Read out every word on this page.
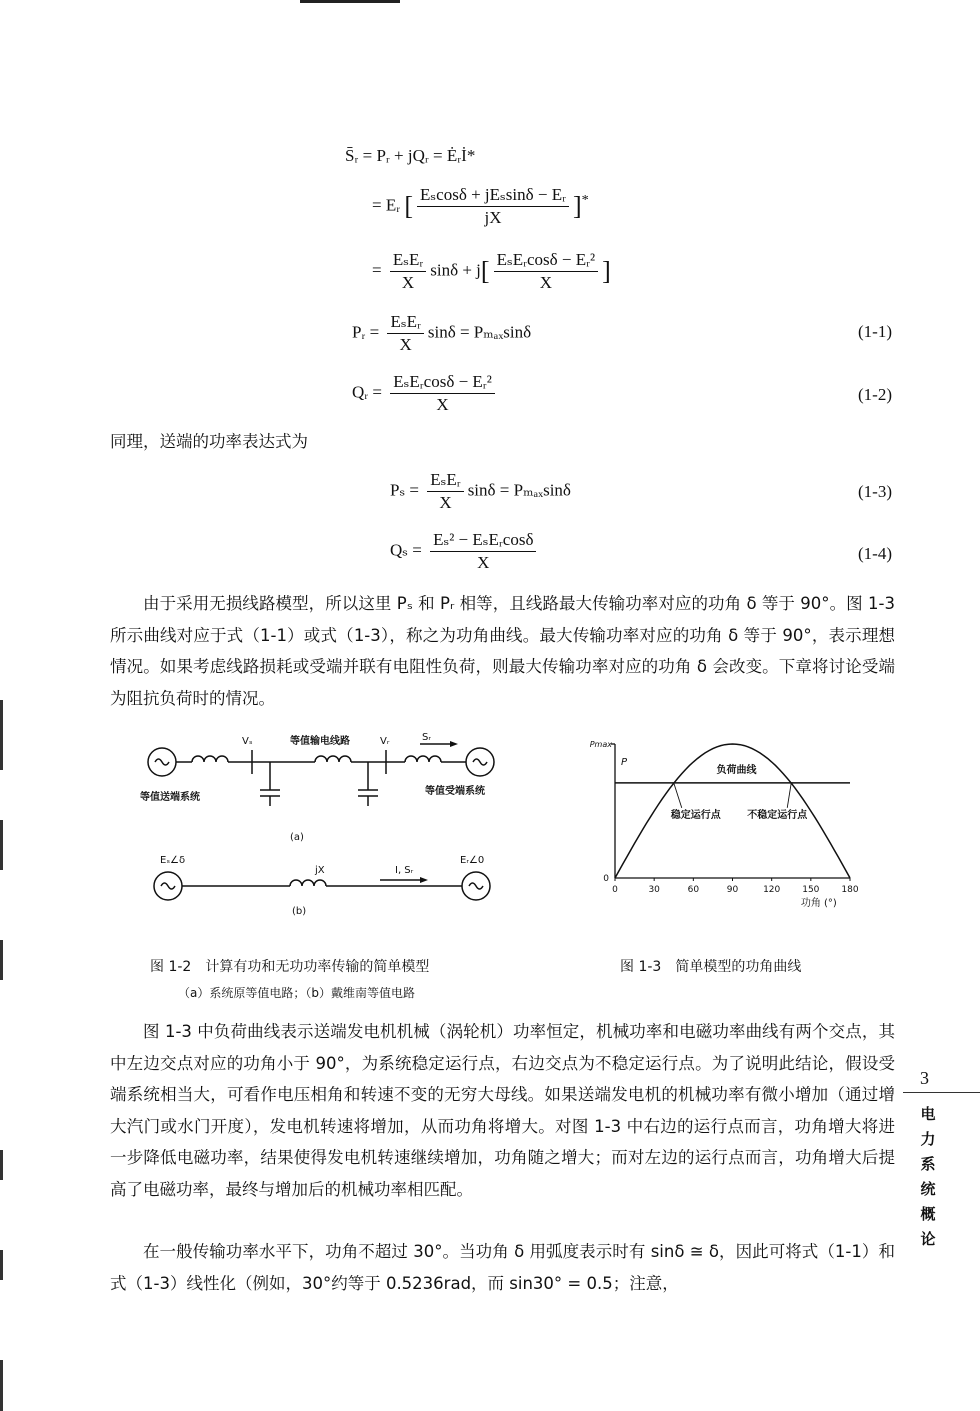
S̄ᵣ = Pᵣ + jQᵣ = Ėᵣİ*
= Eᵣ [ $\frac{\text{Eₛcosδ + jEₛsinδ − Eᵣ}}{jX} ]^*$
= $\frac{\text{EₛEᵣ}}{X}$ $\sin\delta + j[ \frac{\text{EₛEᵣcosδ − Eᵣ²}}{X}$ ]
Pᵣ = $\frac{\text{EₛEᵣ}}{X}$ sinδ = Pₘₐₓsinδ	(1-1)
Qᵣ = $\frac{\text{EₛEᵣcosδ − Eᵣ²}}{X}$	(1-2)
同理，送端的功率表达式为
$P_s = \frac{\text{EₛEᵣ}}{X}$ sinδ = Pₘₐₓsinδ	(1-3)
$Q_s = \frac{\text{Eₛ² − EₛEᵣcosδ}}{X}$	(1-4)
由于采用无损线路模型，所以这里 Pₛ 和 Pᵣ 相等，且线路最大传输功率对应的功角 δ 等于 90°。图 1-3 所示曲线对应于式（1-1）或式（1-3），称之为功角曲线。最大传输功率对应的功角 δ 等于 90°，表示理想情况。如果考虑线路损耗或受端并联有电阻性负荷，则最大传输功率对应的功角 δ 会改变。下章将讨论受端为阻抗负荷时的情况。
Vₛ	等值输电线路	Vᵣ	Sᵣ
等值送端系统
等值受端系统
(a)
Eₛ∠δ
jX	I, Sᵣ
Eᵣ∠0
(b)
0	30	60	90	120 150 180
0
Pmax
P
功角 (°)
负荷曲线
稳定运行点	不稳定运行点
图 1-2　计算有功和无功功率传输的简单模型
（a）系统原等值电路；（b）戴维南等值电路
图 1-3　简单模型的功角曲线
图 1-3 中负荷曲线表示送端发电机机械（涡轮机）功率恒定，机械功率和电磁功率曲线有两个交点，其中左边交点对应的功角小于 90°，为系统稳定运行点，右边交点为不稳定运行点。为了说明此结论，假设受端系统相当大，可看作电压相角和转速不变的无穷大母线。如果送端发电机的机械功率有微小增加（通过增大汽门或水门开度），发电机转速将增加，从而功角将增大。对图 1-3 中右边的运行点而言，功角增大将进一步降低电磁功率，结果使得发电机转速继续增加，功角随之增大；而对左边的运行点而言，功角增大后提高了电磁功率，最终与增加后的机械功率相匹配。
在一般传输功率水平下，功角不超过 30°。当功角 δ 用弧度表示时有 sinδ ≅ δ，因此可将式（1-1）和式（1-3）线性化（例如，30°约等于 0.5236rad，而 sin30° = 0.5；注意，
3
电
力
系
统
概
论
